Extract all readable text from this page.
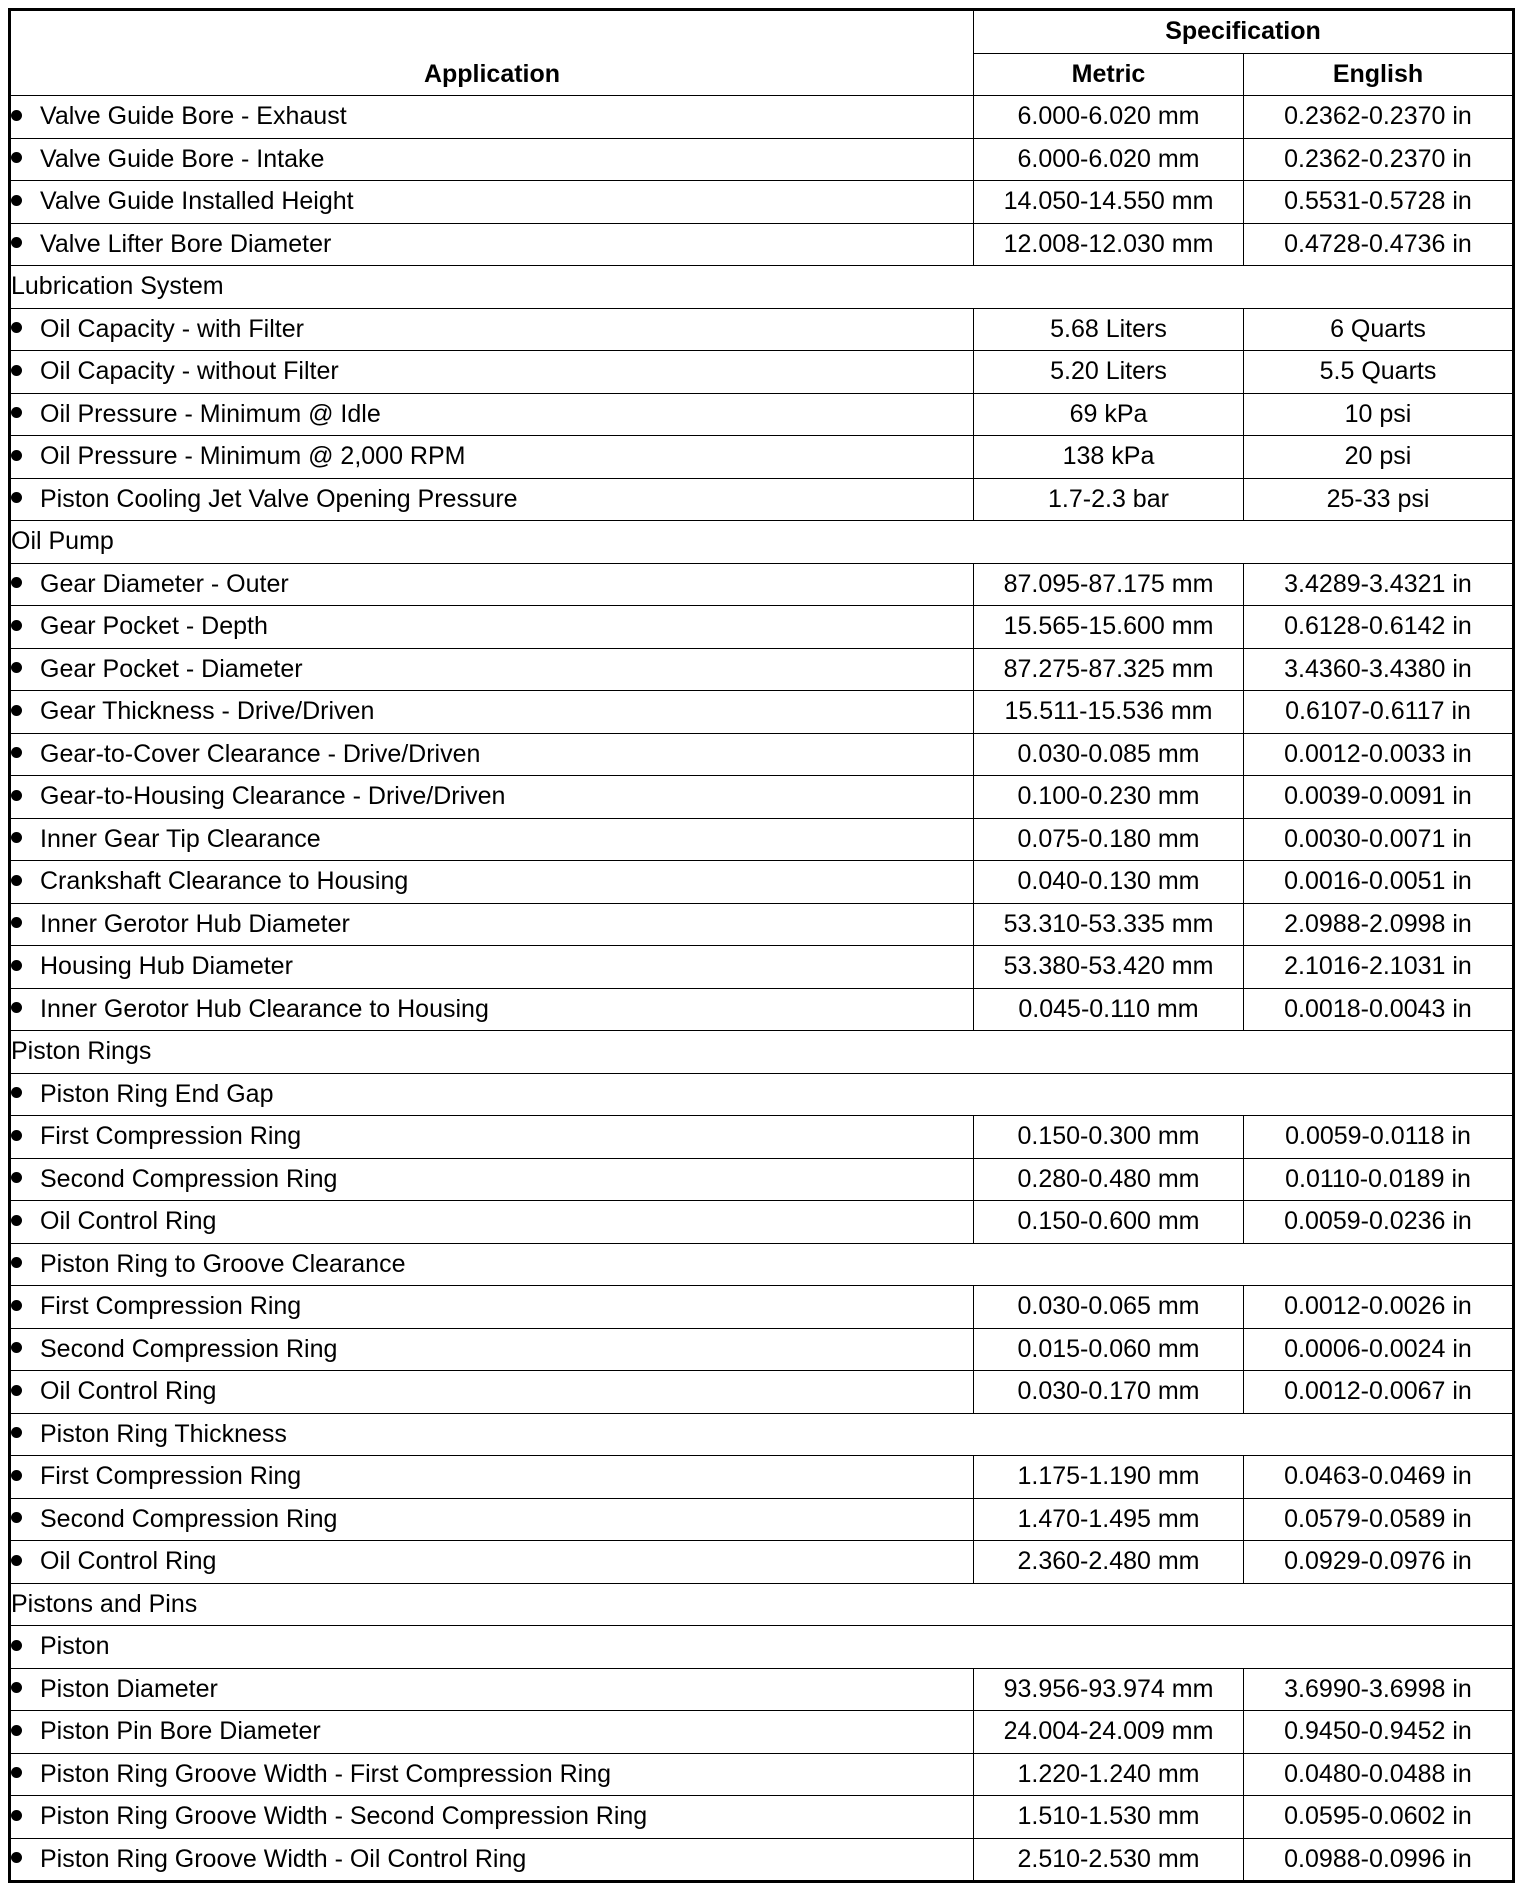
Application	Specification	
	Metric	English
Valve Guide Bore - Exhaust	6.000-6.020 mm	0.2362-0.2370 in
Valve Guide Bore - Intake	6.000-6.020 mm	0.2362-0.2370 in
Valve Guide Installed Height	14.050-14.550 mm	0.5531-0.5728 in
Valve Lifter Bore Diameter	12.008-12.030 mm	0.4728-0.4736 in
Lubrication System		
Oil Capacity - with Filter	5.68 Liters	6 Quarts
Oil Capacity - without Filter	5.20 Liters	5.5 Quarts
Oil Pressure - Minimum @ Idle	69 kPa	10 psi
Oil Pressure - Minimum @ 2,000 RPM	138 kPa	20 psi
Piston Cooling Jet Valve Opening Pressure	1.7-2.3 bar	25-33 psi
Oil Pump		
Gear Diameter - Outer	87.095-87.175 mm	3.4289-3.4321 in
Gear Pocket - Depth	15.565-15.600 mm	0.6128-0.6142 in
Gear Pocket - Diameter	87.275-87.325 mm	3.4360-3.4380 in
Gear Thickness - Drive/Driven	15.511-15.536 mm	0.6107-0.6117 in
Gear-to-Cover Clearance - Drive/Driven	0.030-0.085 mm	0.0012-0.0033 in
Gear-to-Housing Clearance - Drive/Driven	0.100-0.230 mm	0.0039-0.0091 in
Inner Gear Tip Clearance	0.075-0.180 mm	0.0030-0.0071 in
Crankshaft Clearance to Housing	0.040-0.130 mm	0.0016-0.0051 in
Inner Gerotor Hub Diameter	53.310-53.335 mm	2.0988-2.0998 in
Housing Hub Diameter	53.380-53.420 mm	2.1016-2.1031 in
Inner Gerotor Hub Clearance to Housing	0.045-0.110 mm	0.0018-0.0043 in
Piston Rings		
Piston Ring End Gap		
First Compression Ring	0.150-0.300 mm	0.0059-0.0118 in
Second Compression Ring	0.280-0.480 mm	0.0110-0.0189 in
Oil Control Ring	0.150-0.600 mm	0.0059-0.0236 in
Piston Ring to Groove Clearance		
First Compression Ring	0.030-0.065 mm	0.0012-0.0026 in
Second Compression Ring	0.015-0.060 mm	0.0006-0.0024 in
Oil Control Ring	0.030-0.170 mm	0.0012-0.0067 in
Piston Ring Thickness		
First Compression Ring	1.175-1.190 mm	0.0463-0.0469 in
Second Compression Ring	1.470-1.495 mm	0.0579-0.0589 in
Oil Control Ring	2.360-2.480 mm	0.0929-0.0976 in
Pistons and Pins		
Piston		
Piston Diameter	93.956-93.974 mm	3.6990-3.6998 in
Piston Pin Bore Diameter	24.004-24.009 mm	0.9450-0.9452 in
Piston Ring Groove Width - First Compression Ring	1.220-1.240 mm	0.0480-0.0488 in
Piston Ring Groove Width - Second Compression Ring	1.510-1.530 mm	0.0595-0.0602 in
Piston Ring Groove Width - Oil Control Ring	2.510-2.530 mm	0.0988-0.0996 in
